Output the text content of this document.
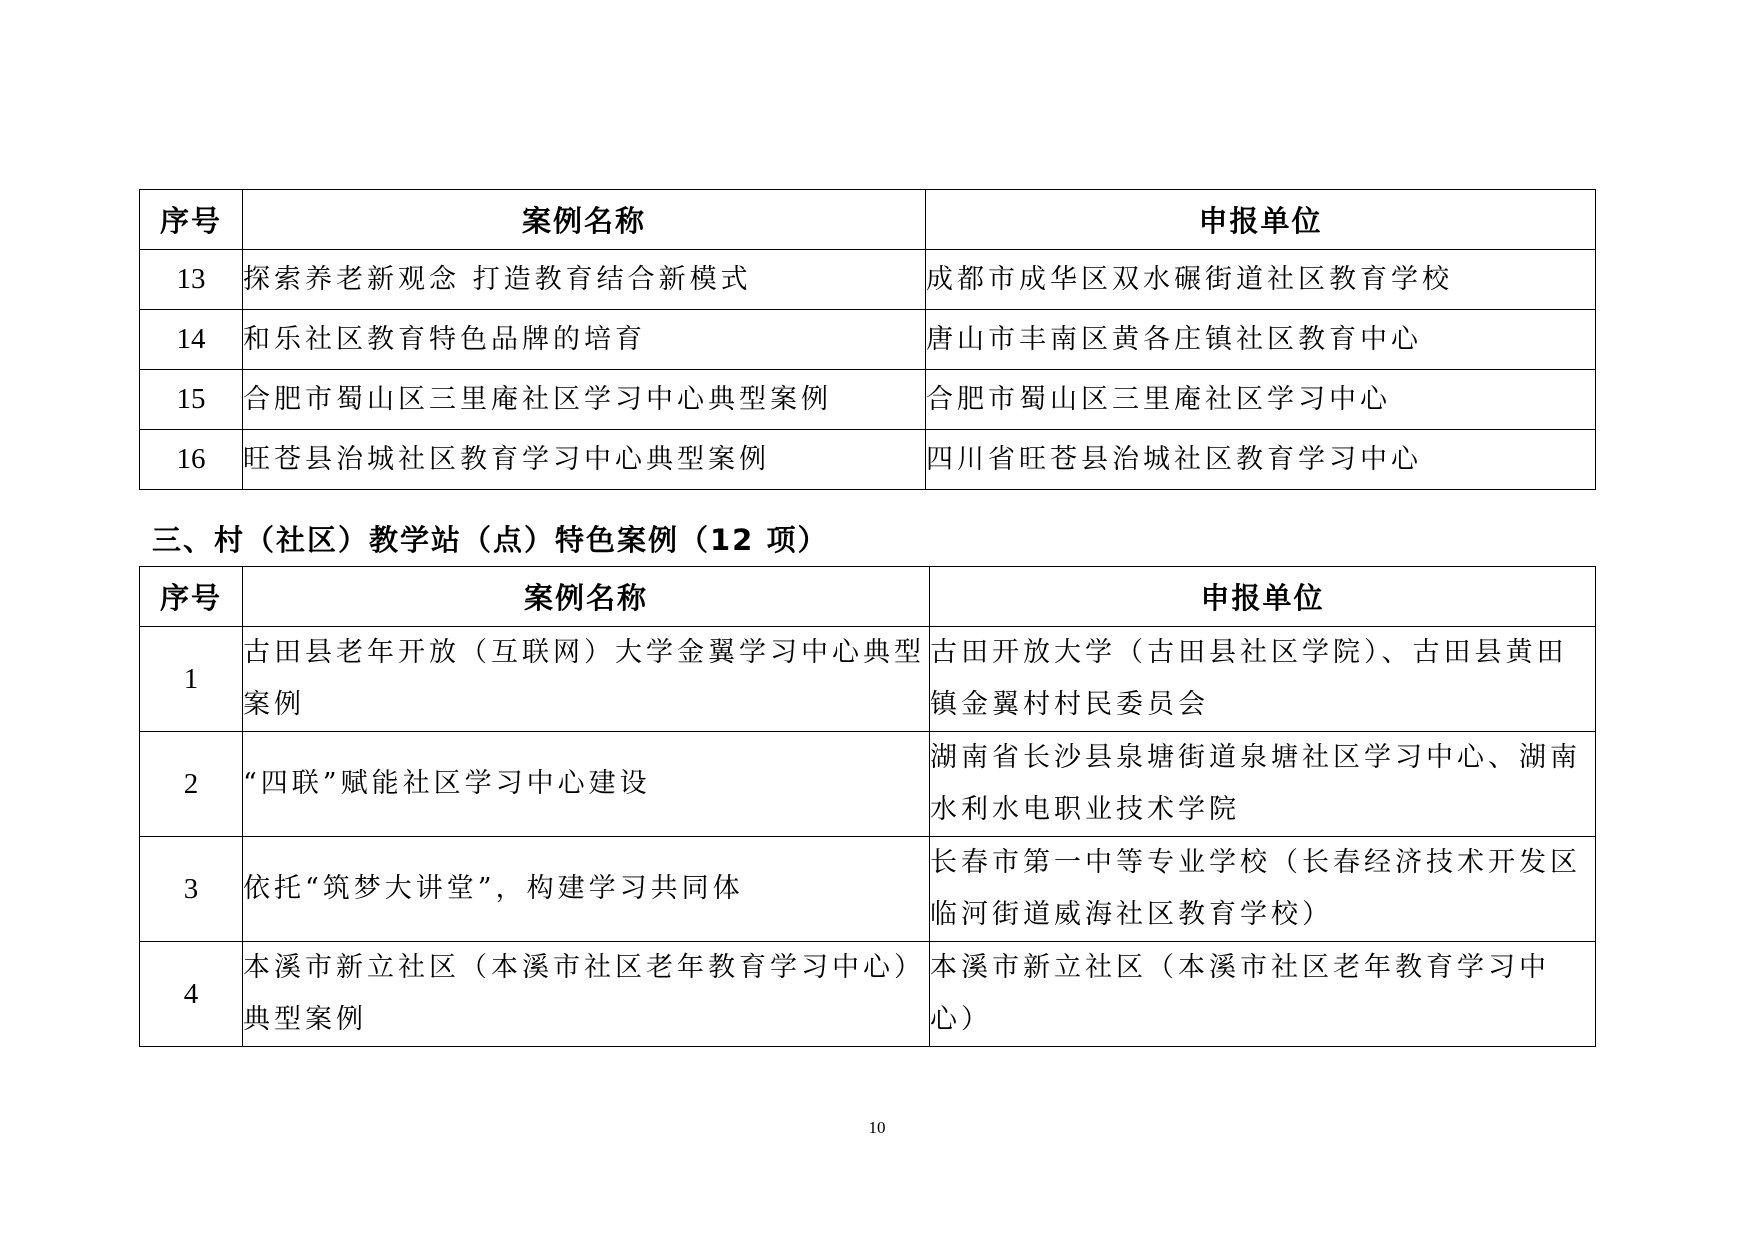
序号	案例名称	申报单位
13	探索养老新观念 打造教育结合新模式	成都市成华区双水碾街道社区教育学校
14	和乐社区教育特色品牌的培育	唐山市丰南区黄各庄镇社区教育中心
15	合肥市蜀山区三里庵社区学习中心典型案例	合肥市蜀山区三里庵社区学习中心
16	旺苍县治城社区教育学习中心典型案例	四川省旺苍县治城社区教育学习中心
三、村（社区）教学站（点）特色案例（12 项）
序号	案例名称	申报单位
1	古田县老年开放（互联网）大学金翼学习中心典型案例	古田开放大学（古田县社区学院）、古田县黄田镇金翼村村民委员会
2	“四联”赋能社区学习中心建设	湖南省长沙县泉塘街道泉塘社区学习中心、湖南水利水电职业技术学院
3	依托“筑梦大讲堂”，构建学习共同体	长春市第一中等专业学校（长春经济技术开发区临河街道威海社区教育学校）
4	本溪市新立社区（本溪市社区老年教育学习中心）典型案例	本溪市新立社区（本溪市社区老年教育学习中心）
10
